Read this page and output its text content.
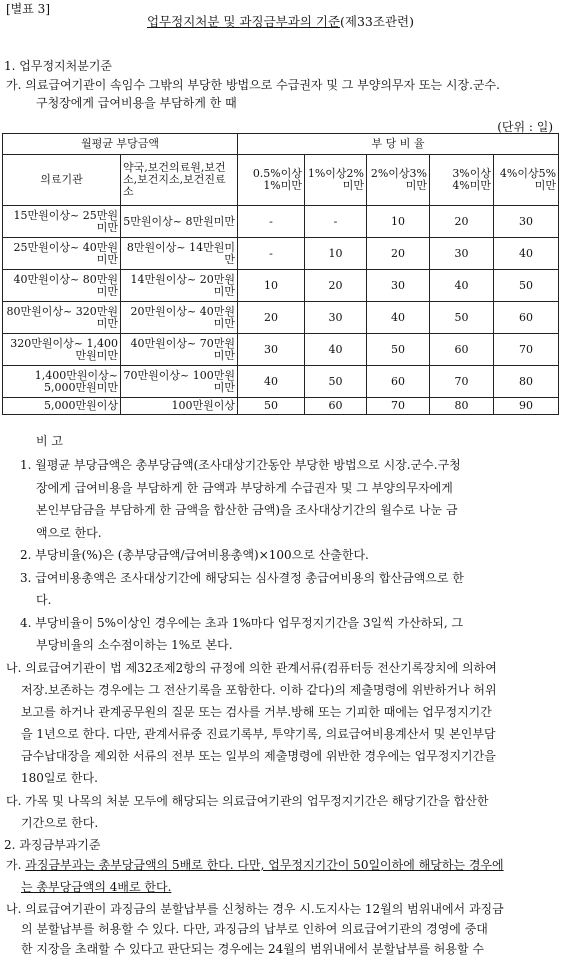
[별표 3]
업무정지처분 및 과징금부과의 기준(제33조관련)
1. 업무정지처분기준
가. 의료급여기관이 속임수 그밖의 부당한 방법으로 수급권자 및 그 부양의무자 또는 시장.군수.
구청장에게 급여비용을 부담하게 한 때
(단위 : 일)
월평균 부당금액		부 당 비 율				
의료기관	약국,보건의료원,보건소,보건지소,보건진료소	0.5%이상 1%미만	1%이상2% 미만	2%이상3% 미만	3%이상 4%미만	4%이상5% 미만
15만원이상~ 25만원미만	5만원이상~ 8만원미만	-	-	10	20	30
25만원이상~ 40만원미만	8만원이상~ 14만원미만	-	10	20	30	40
40만원이상~ 80만원미만	14만원이상~ 20만원미만	10	20	30	40	50
80만원이상~ 320만원미만	20만원이상~ 40만원미만	20	30	40	50	60
320만원이상~ 1,400만원미만	40만원이상~ 70만원미만	30	40	50	60	70
1,400만원이상~ 5,000만원미만	70만원이상~ 100만원미만	40	50	60	70	80
5,000만원이상	100만원이상	50	60	70	80	90
비 고
1. 월평균 부당금액은 총부당금액(조사대상기간동안 부당한 방법으로 시장.군수.구청
장에게 급여비용을 부담하게 한 금액과 부당하게 수급권자 및 그 부양의무자에게
본인부담금을 부담하게 한 금액을 합산한 금액)을 조사대상기간의 월수로 나눈 금
액으로 한다.
2. 부당비율(%)은 (총부당금액/급여비용총액)×100으로 산출한다.
3. 급여비용총액은 조사대상기간에 해당되는 심사결정 총급여비용의 합산금액으로 한
다.
4. 부당비율이 5%이상인 경우에는 초과 1%마다 업무정지기간을 3일씩 가산하되, 그
부당비율의 소수점이하는 1%로 본다.
나. 의료급여기관이 법 제32조제2항의 규정에 의한 관계서류(컴퓨터등 전산기록장치에 의하여
저장.보존하는 경우에는 그 전산기록을 포함한다. 이하 같다)의 제출명령에 위반하거나 허위
보고를 하거나 관계공무원의 질문 또는 검사를 거부.방해 또는 기피한 때에는 업무정지기간
을 1년으로 한다. 다만, 관계서류중 진료기록부, 투약기록, 의료급여비용계산서 및 본인부담
금수납대장을 제외한 서류의 전부 또는 일부의 제출명령에 위반한 경우에는 업무정지기간을
180일로 한다.
다. 가목 및 나목의 처분 모두에 해당되는 의료급여기관의 업무정지기간은 해당기간을 합산한
기간으로 한다.
2. 과징금부과기준
가. 과징금부과는 총부당금액의 5배로 한다. 다만, 업무정지기간이 50일이하에 해당하는 경우에
는 총부당금액의 4배로 한다.
나. 의료급여기관이 과징금의 분할납부를 신청하는 경우 시.도지사는 12월의 범위내에서 과징금
의 분할납부를 허용할 수 있다. 다만, 과징금의 납부로 인하여 의료급여기관의 경영에 중대
한 지장을 초래할 수 있다고 판단되는 경우에는 24월의 범위내에서 분할납부를 허용할 수
